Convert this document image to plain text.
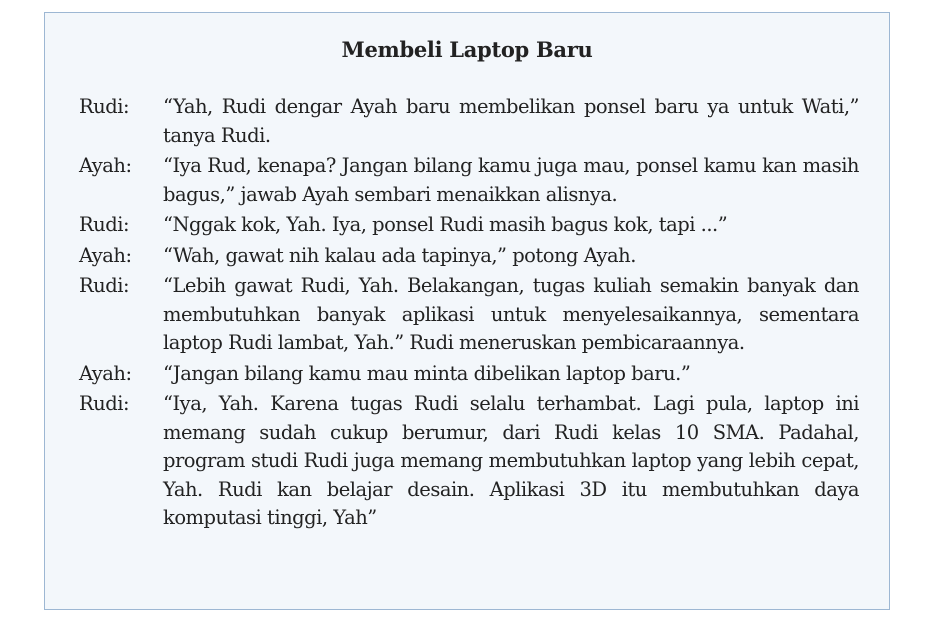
Membeli Laptop Baru
Rudi:	“Yah, Rudi dengar Ayah baru membelikan ponsel baru ya untuk Wati,” tanya Rudi.

Ayah:	“Iya Rud, kenapa? Jangan bilang kamu juga mau, ponsel kamu kan masih bagus,” jawab Ayah sembari menaikkan alisnya.

Rudi:	“Nggak kok, Yah. Iya, ponsel Rudi masih bagus kok, tapi ...”

Ayah:	“Wah, gawat nih kalau ada tapinya,” potong Ayah.

Rudi:	“Lebih gawat Rudi, Yah. Belakangan, tugas kuliah semakin banyak dan membutuhkan banyak aplikasi untuk menyelesaikannya, sementara laptop Rudi lambat, Yah.” Rudi meneruskan pembicaraannya.

Ayah:	“Jangan bilang kamu mau minta dibelikan laptop baru.”

Rudi:	“Iya, Yah. Karena tugas Rudi selalu terhambat. Lagi pula, laptop ini memang sudah cukup berumur, dari Rudi kelas 10 SMA. Padahal, program studi Rudi juga memang membutuhkan laptop yang lebih cepat, Yah. Rudi kan belajar desain. Aplikasi 3D itu membutuhkan daya komputasi tinggi, Yah”
